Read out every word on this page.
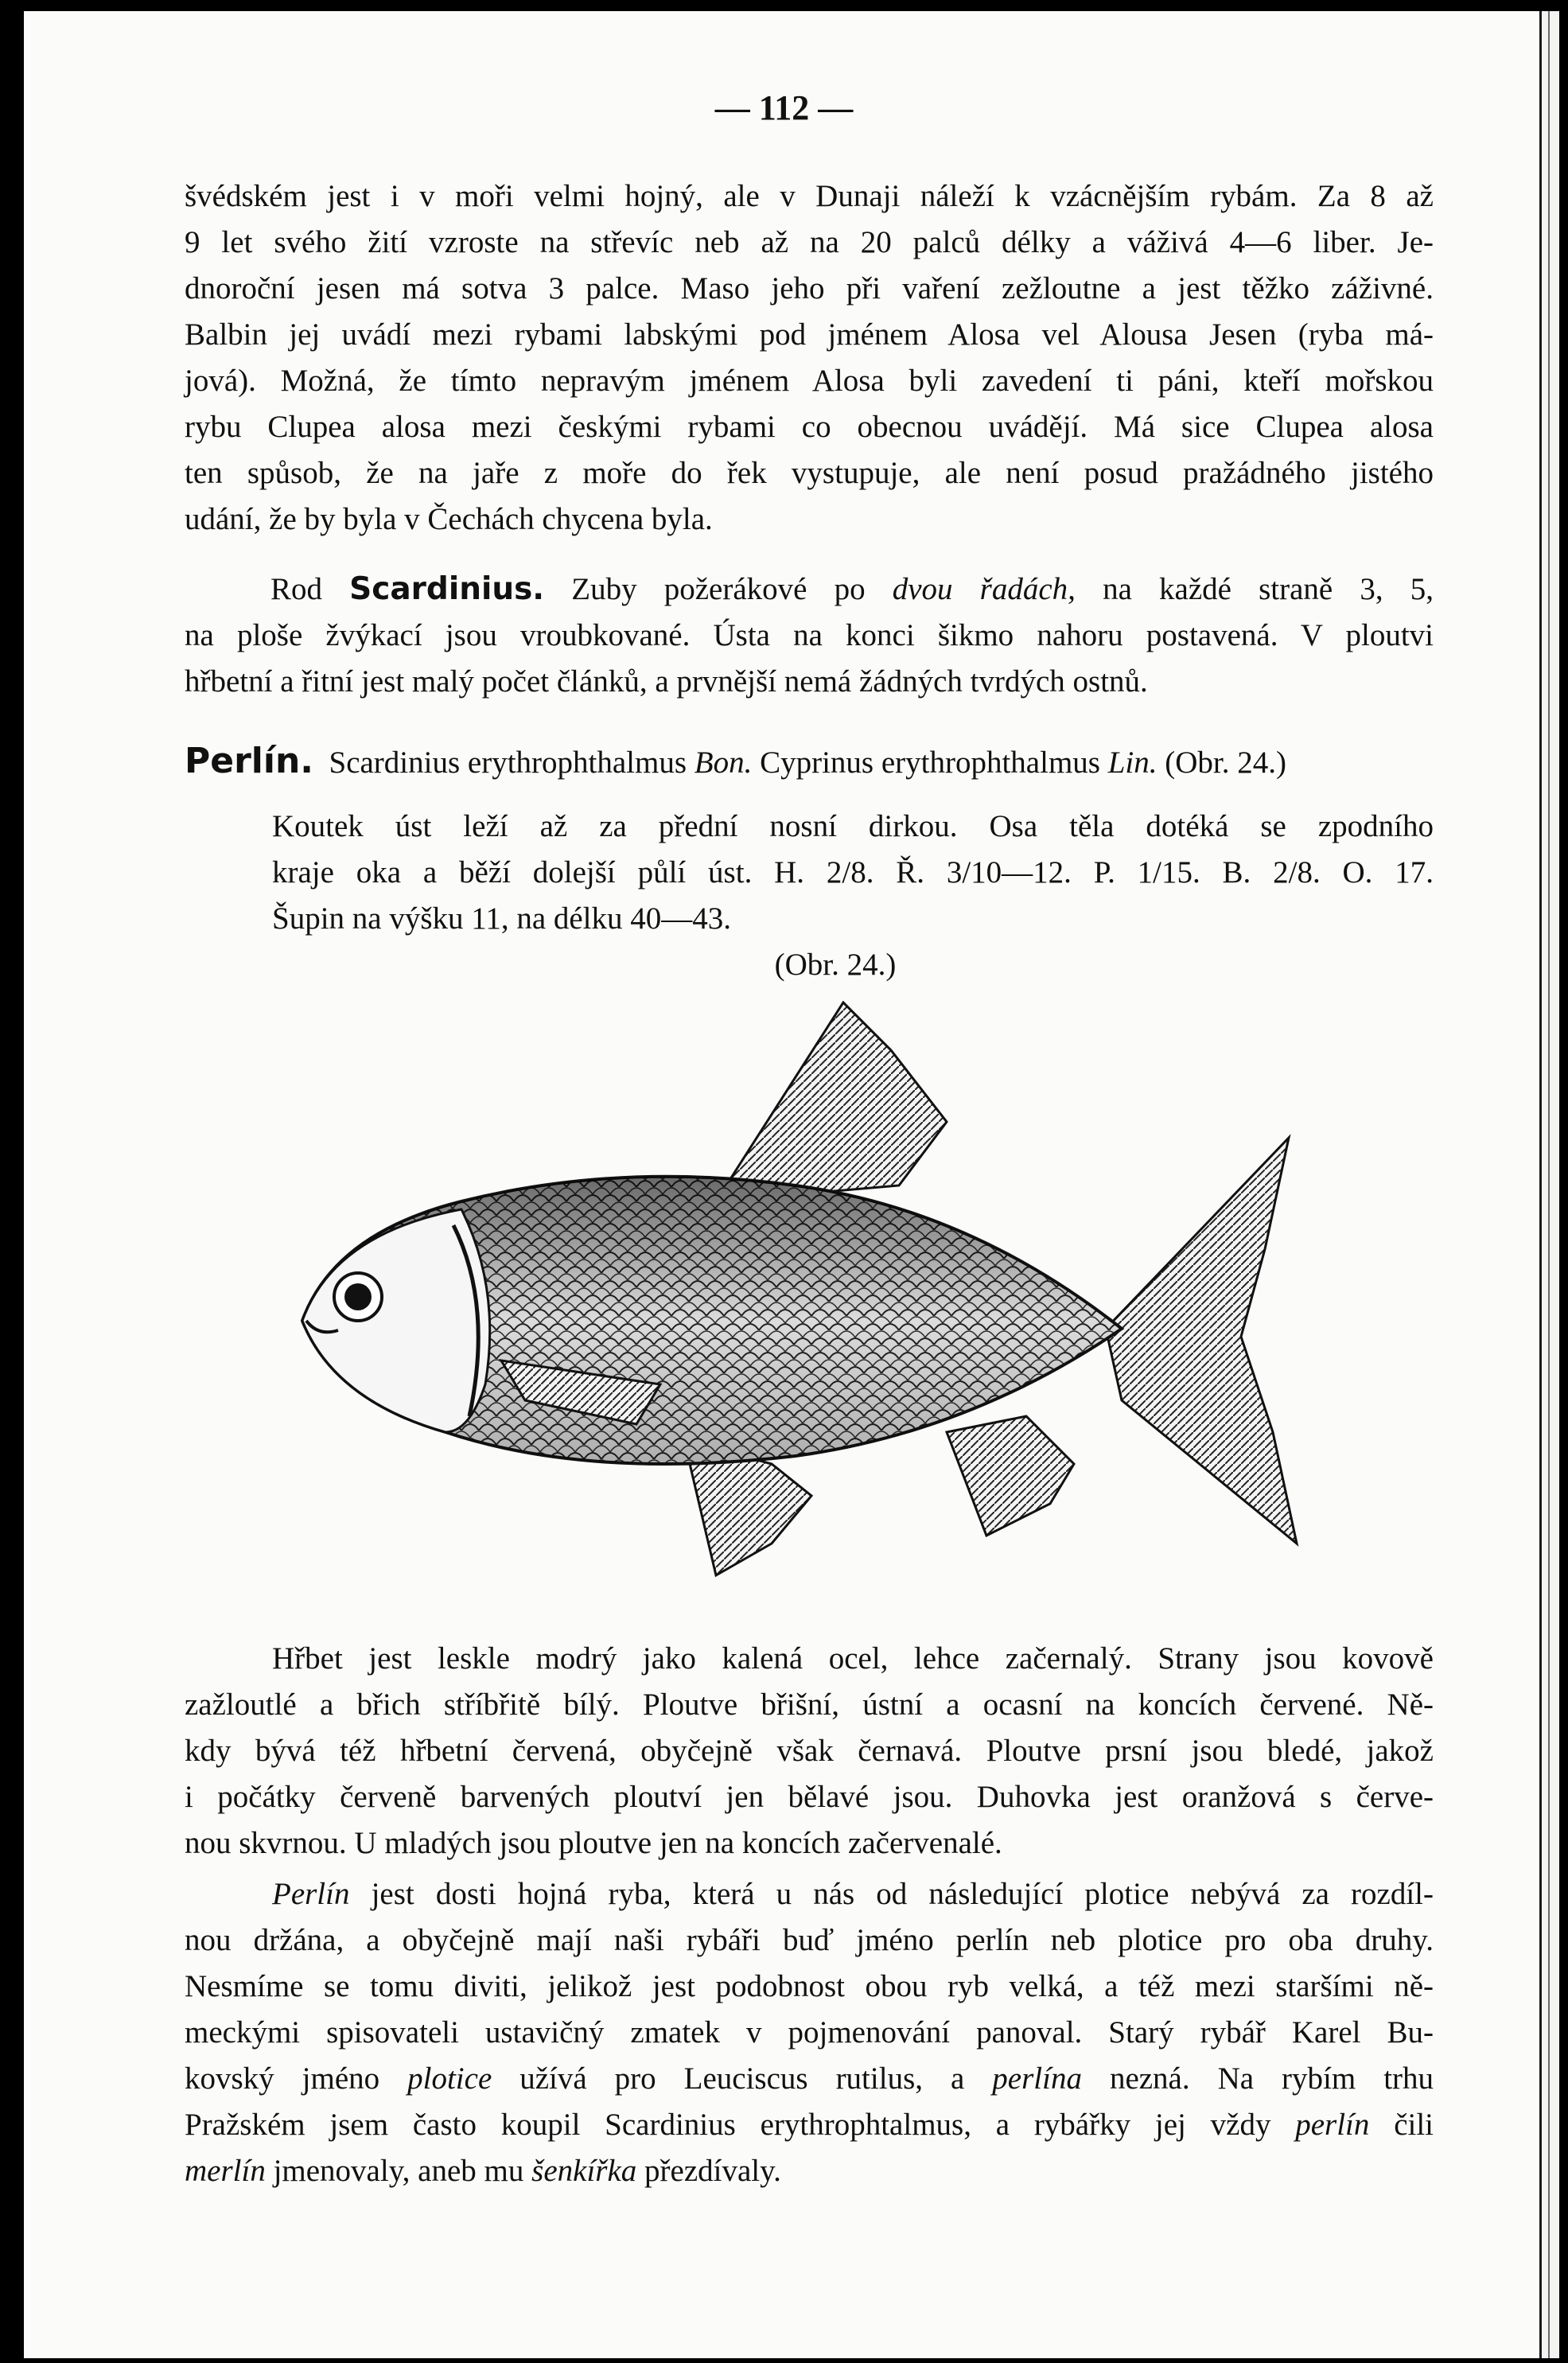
— 112 —
švédském jest i v moři velmi hojný, ale v Dunaji náleží k vzácnějším rybám. Za 8 až
9 let svého žití vzroste na střevíc neb až na 20 palců délky a váživá 4—6 liber. Je-
dnoroční jesen má sotva 3 palce. Maso jeho při vaření zežloutne a jest těžko záživné.
Balbin jej uvádí mezi rybami labskými pod jménem Alosa vel Alousa Jesen (ryba má-
jová). Možná, že tímto nepravým jménem Alosa byli zavedení ti páni, kteří mořskou
rybu Clupea alosa mezi českými rybami co obecnou uvádějí. Má sice Clupea alosa
ten spůsob, že na jaře z moře do řek vystupuje, ale není posud pražádného jistého
udání, že by byla v Čechách chycena byla.
Rod Scardinius. Zuby požerákové po dvou řadách, na každé straně 3, 5,
na ploše žvýkací jsou vroubkované. Ústa na konci šikmo nahoru postavená. V ploutvi
hřbetní a řitní jest malý počet článků, a prvnější nemá žádných tvrdých ostnů.
Perlín. Scardinius erythrophthalmus Bon. Cyprinus erythrophthalmus Lin. (Obr. 24.)
Koutek úst leží až za přední nosní dirkou. Osa těla dotéká se zpodního
kraje oka a běží dolejší půlí úst. H. 2/8. Ř. 3/10—12. P. 1/15. B. 2/8. O. 17.
Šupin na výšku 11, na délku 40—43.
(Obr. 24.)
Hřbet jest leskle modrý jako kalená ocel, lehce začernalý. Strany jsou kovově
zažloutlé a břich stříbřitě bílý. Ploutve břišní, ústní a ocasní na koncích červené. Ně-
kdy bývá též hřbetní červená, obyčejně však černavá. Ploutve prsní jsou bledé, jakož
i počátky červeně barvených ploutví jen bělavé jsou. Duhovka jest oranžová s červe-
nou skvrnou. U mladých jsou ploutve jen na koncích začervenalé.
Perlín jest dosti hojná ryba, která u nás od následující plotice nebývá za rozdíl-
nou držána, a obyčejně mají naši rybáři buď jméno perlín neb plotice pro oba druhy.
Nesmíme se tomu diviti, jelikož jest podobnost obou ryb velká, a též mezi staršími ně-
meckými spisovateli ustavičný zmatek v pojmenování panoval. Starý rybář Karel Bu-
kovský jméno plotice užívá pro Leuciscus rutilus, a perlína nezná. Na rybím trhu
Pražském jsem často koupil Scardinius erythrophtalmus, a rybářky jej vždy perlín čili
merlín jmenovaly, aneb mu šenkířka přezdívaly.
